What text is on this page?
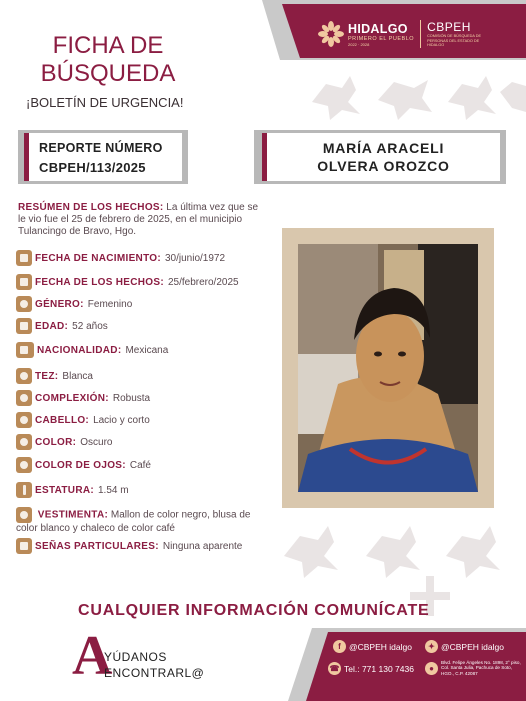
HIDALGO
PRIMERO EL PUEBLO
2022 · 2028
CBPEH
COMISIÓN DE BÚSQUEDA DE PERSONAS DEL ESTADO DE HIDALGO
FICHA DE
BÚSQUEDA
¡BOLETÍN DE URGENCIA!
REPORTE NÚMERO
CBPEH/113/2025
MARÍA ARACELI
OLVERA OROZCO
RESÚMEN DE LOS HECHOS: La última vez que se le vio fue el 25 de febrero de 2025, en el municipio Tulancingo de Bravo, Hgo.
FECHA DE NACIMIENTO: 30/junio/1972
FECHA DE LOS HECHOS: 25/febrero/2025
GÉNERO: Femenino
EDAD: 52 años
NACIONALIDAD: Mexicana
TEZ: Blanca
COMPLEXIÓN: Robusta
CABELLO: Lacio y corto
COLOR: Oscuro
COLOR DE OJOS: Café
ESTATURA: 1.54 m
VESTIMENTA: Mallon de color negro, blusa de color blanco y chaleco de color café
SEÑAS PARTICULARES: Ninguna aparente
CUALQUIER INFORMACIÓN COMUNÍCATE
A
YÚDANOS
ENCONTRARL@
f @CBPEH idalgo	✦ @CBPEH idalgo
☎ Tel.: 771 130 7436	●
Blvd. Felipe Ángeles No. 1898, 2° piso, Col. Santa Julia, Pachuca de Soto, HGO., C.P. 42087
